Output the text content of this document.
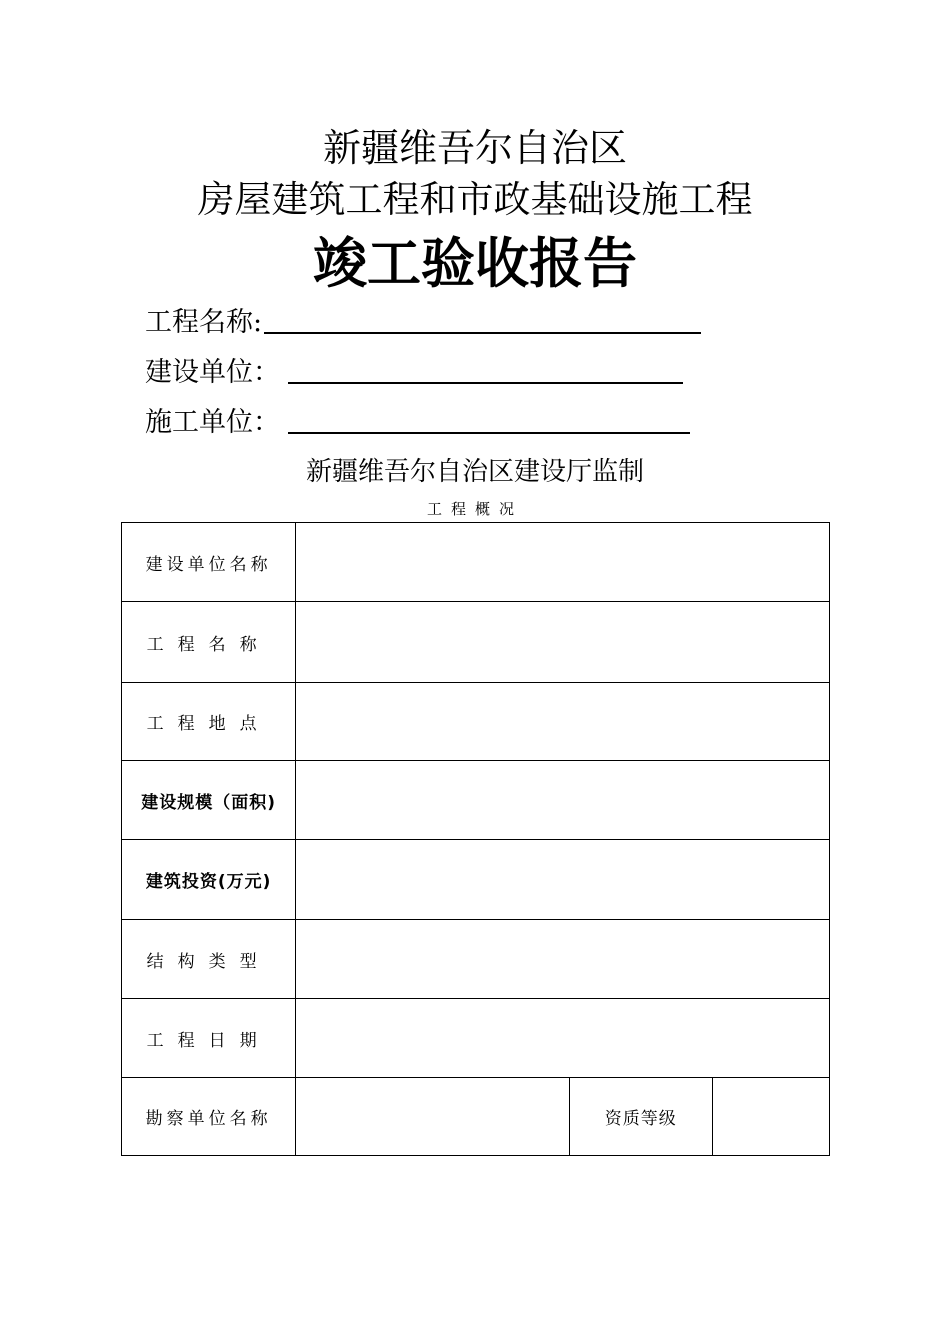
新疆维吾尔自治区
房屋建筑工程和市政基础设施工程
竣工验收报告
工程名称:
建设单位：
施工单位：
新疆维吾尔自治区建设厅监制
工程概况
建设单位名称			
工程名称			
工程地点			
建设规模（面积)			
建筑投资(万元)			
结构类型			
工程日期			
勘察单位名称		资质等级	
